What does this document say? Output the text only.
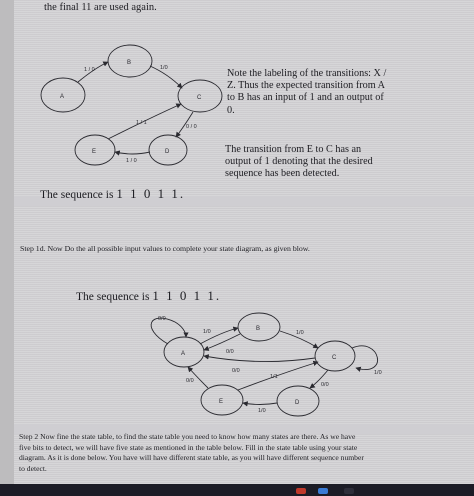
the final 11 are used again.
A
B
C
D
E
1 / 0	1/0
0 / 0
1 / 1
1 / 0
Note the labeling of the transitions: X /
Z. Thus the expected transition from A
to B has an input of 1 and an output of
0.
The transition from E to C has an
output of 1 denoting that the desired
sequence has been detected.
The sequence is 1 1 0 1 1.
Step 1d. Now Do the all possible input values to complete your state diagram, as given blow.
The sequence is 1 1 0 1 1.
A
B
C
D
E
0/0
1/0
0/0
1/0
1/0
0/0
0/0
1/1
0/0
1/0
Step 2 Now fine the state table, to find the state table you need to know how many states are there. As we have
five bits to detect, we will have five state as mentioned in the table below. Fill in the state table using your state
diagram. As it is done below. You have will have different state table, as you will have different sequence number
to detect.
